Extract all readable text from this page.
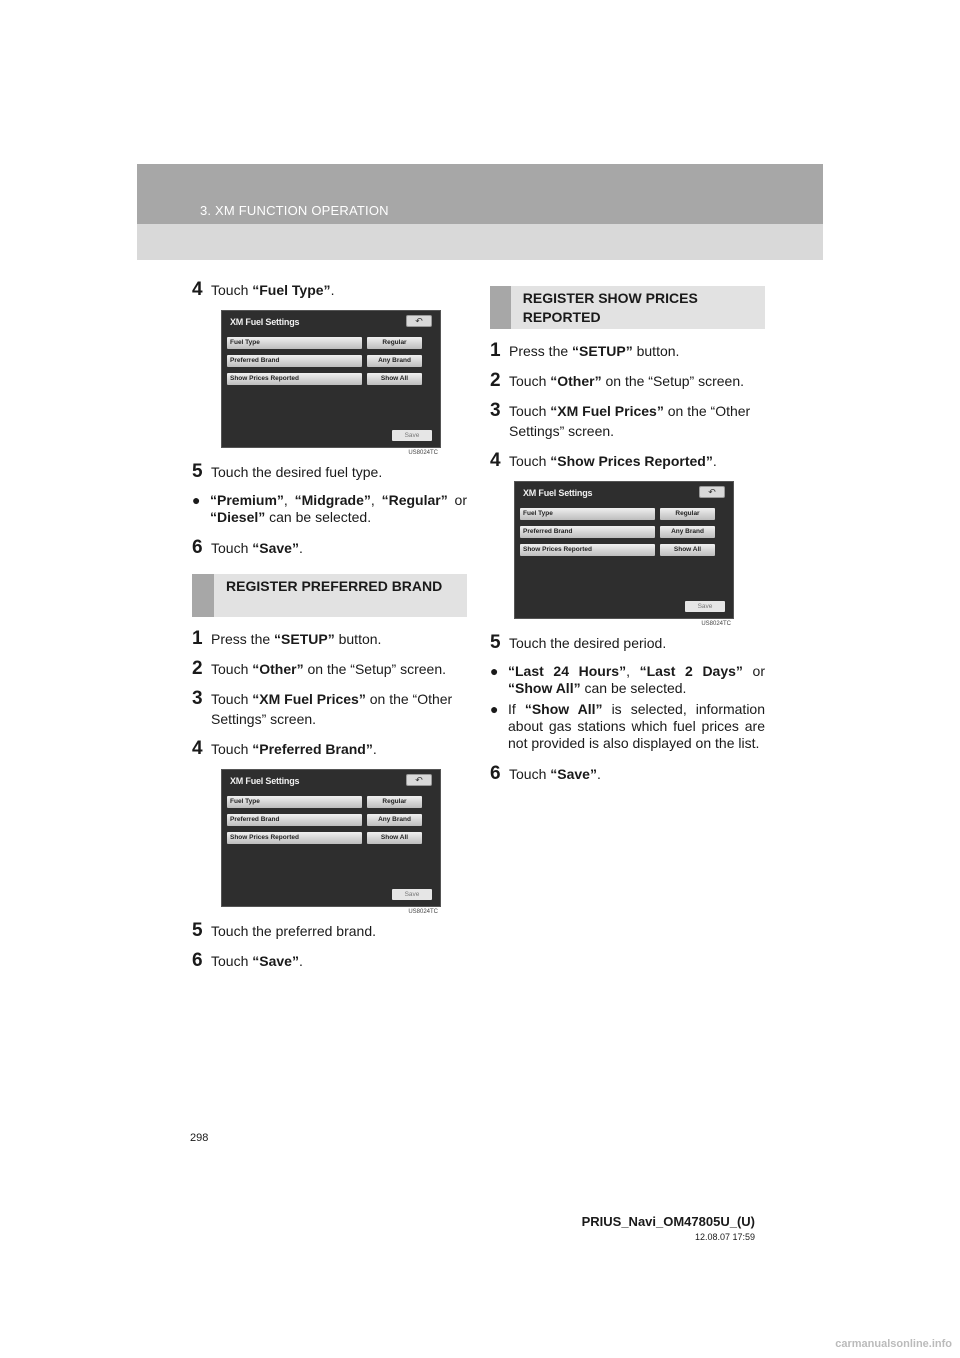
3. XM FUNCTION OPERATION
4 Touch “Fuel Type”.
XM Fuel Settings	↶
Fuel Type	Regular
Preferred Brand	Any Brand
Show Prices Reported	Show All
Save
US8024TC
5 Touch the desired fuel type.
● “Premium”, “Midgrade”, “Regular” or “Diesel” can be selected.
6 Touch “Save”.
REGISTER PREFERRED BRAND
1 Press the “SETUP” button.
2 Touch “Other” on the “Setup” screen.
3 Touch “XM Fuel Prices” on the “Other Settings” screen.
4 Touch “Preferred Brand”.
XM Fuel Settings	↶
Fuel Type	Regular
Preferred Brand	Any Brand
Show Prices Reported	Show All
Save
US8024TC
5 Touch the preferred brand.
6 Touch “Save”.
REGISTER SHOW PRICES REPORTED
1 Press the “SETUP” button.
2 Touch “Other” on the “Setup” screen.
3 Touch “XM Fuel Prices” on the “Other Settings” screen.
4 Touch “Show Prices Reported”.
XM Fuel Settings	↶
Fuel Type	Regular
Preferred Brand	Any Brand
Show Prices Reported	Show All
Save
US8024TC
5 Touch the desired period.
● “Last 24 Hours”, “Last 2 Days” or “Show All” can be selected.
● If “Show All” is selected, information about gas stations which fuel prices are not provided is also displayed on the list.
6 Touch “Save”.
298
PRIUS_Navi_OM47805U_(U)
12.08.07 17:59
carmanualsonline.info
